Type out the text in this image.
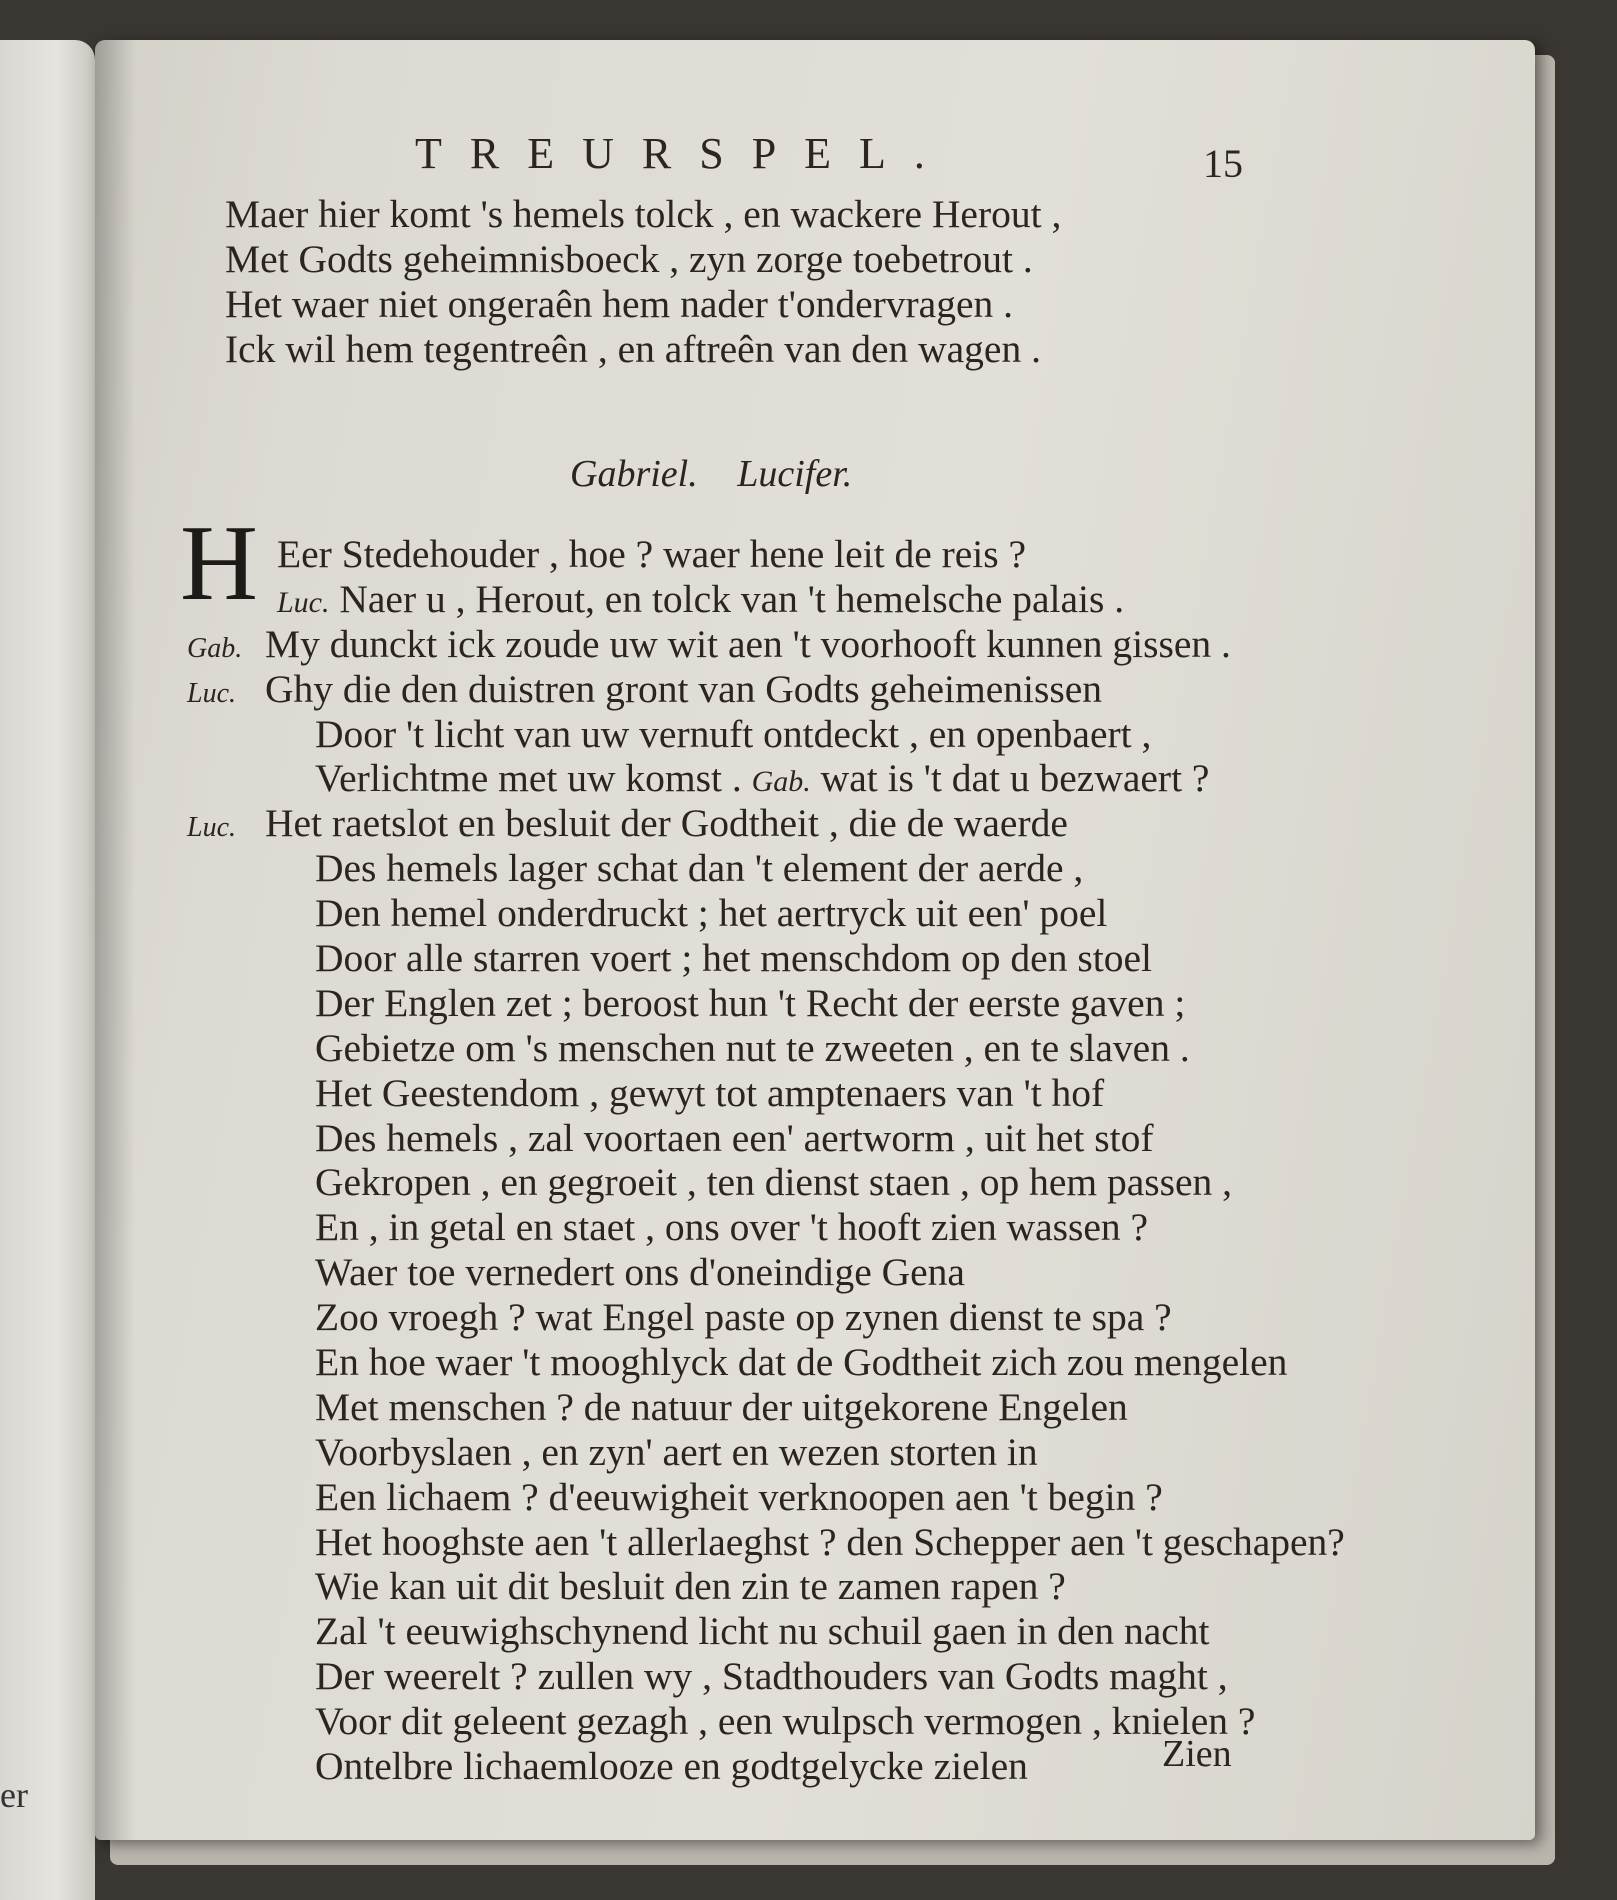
er
TREURSPEL.	15
Maer hier komt 's hemels tolck , en wackere Herout ,
Met Godts geheimnisboeck , zyn zorge toebetrout .
Het waer niet ongeraên hem nader t'ondervragen .
Ick wil hem tegentreên , en aftreên van den wagen .
Gabriel. Lucifer.
H Eer Stedehouder , hoe ? waer hene leit de reis ?
Luc. Naer u , Herout, en tolck van 't hemelsche palais .
Gab. My dunckt ick zoude uw wit aen 't voorhooft kunnen gissen .
Luc. Ghy die den duistren gront van Godts geheimenissen
Door 't licht van uw vernuft ontdeckt , en openbaert ,
Verlichtme met uw komst . Gab. wat is 't dat u bezwaert ?
Luc. Het raetslot en besluit der Godtheit , die de waerde
Des hemels lager schat dan 't element der aerde ,
Den hemel onderdruckt ; het aertryck uit een' poel
Door alle starren voert ; het menschdom op den stoel
Der Englen zet ; beroost hun 't Recht der eerste gaven ;
Gebietze om 's menschen nut te zweeten , en te slaven .
Het Geestendom , gewyt tot amptenaers van 't hof
Des hemels , zal voortaen een' aertworm , uit het stof
Gekropen , en gegroeit , ten dienst staen , op hem passen ,
En , in getal en staet , ons over 't hooft zien wassen ?
Waer toe vernedert ons d'oneindige Gena
Zoo vroegh ? wat Engel paste op zynen dienst te spa ?
En hoe waer 't mooghlyck dat de Godtheit zich zou mengelen
Met menschen ? de natuur der uitgekorene Engelen
Voorbyslaen , en zyn' aert en wezen storten in
Een lichaem ? d'eeuwigheit verknoopen aen 't begin ?
Het hooghste aen 't allerlaeghst ? den Schepper aen 't geschapen?
Wie kan uit dit besluit den zin te zamen rapen ?
Zal 't eeuwighschynend licht nu schuil gaen in den nacht
Der weerelt ? zullen wy , Stadthouders van Godts maght ,
Voor dit geleent gezagh , een wulpsch vermogen , knielen ?
Ontelbre lichaemlooze en godtgelycke zielen	Zien
